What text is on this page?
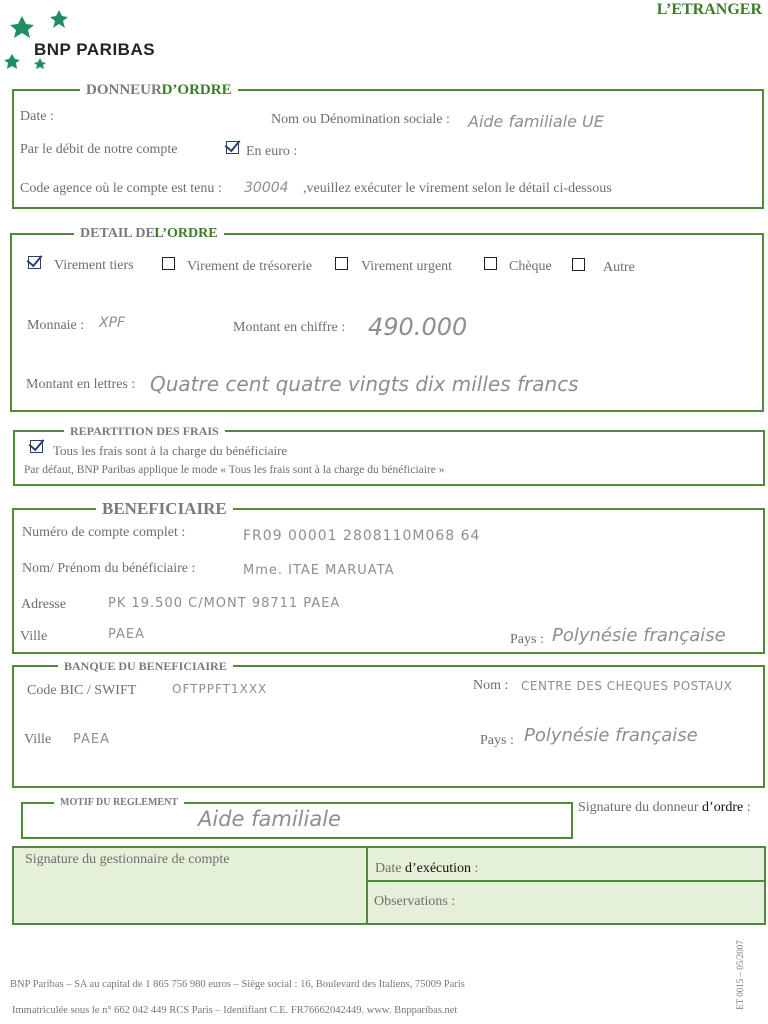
BNP PARIBAS
L’ETRANGER
DONNEUR D’ORDRE
Date :	Nom ou Dénomination sociale : Aide familiale UE
Par le débit de notre compte	En euro :
Code agence où le compte est tenu : 30004 ,veuillez exécuter le virement selon le détail ci-dessous
DETAIL DE L’ORDRE
Virement tiers	Virement de trésorerie	Virement urgent	Chèque	Autre
Monnaie : XPF	Montant en chiffre : 490.000
Montant en lettres : Quatre cent quatre vingts dix milles francs
REPARTITION DES FRAIS
Tous les frais sont à la charge du bénéficiaire
Par défaut, BNP Paribas applique le mode « Tous les frais sont à la charge du bénéficiaire »
BENEFICIAIRE
Numéro de compte complet :	FR09 00001 2808110M068 64
Nom/ Prénom du bénéficiaire :	Mme. ITAE MARUATA
Adresse	PK 19.500 C/MONT 98711 PAEA
Ville	PAEA	Pays : Polynésie française
BANQUE DU BENEFICIAIRE
Code BIC / SWIFT	OFTPPFT1XXX	Nom : CENTRE DES CHEQUES POSTAUX
Ville PAEA	Pays : Polynésie française
MOTIF DU REGLEMENT
Aide familiale	Signature du donneur d’ordre :
Signature du gestionnaire de compte
Date d’exécution :
Observations :
BNP Paribas – SA au capital de 1 865 756 980 euros – Siège social : 16, Boulevard des Italiens, 75009 Paris
Immatriculée sous le n° 662 042 449 RCS Paris – Identifiant C.E. FR76662042449. www. Bnpparibas.net
ET 0015 – 05/2007
